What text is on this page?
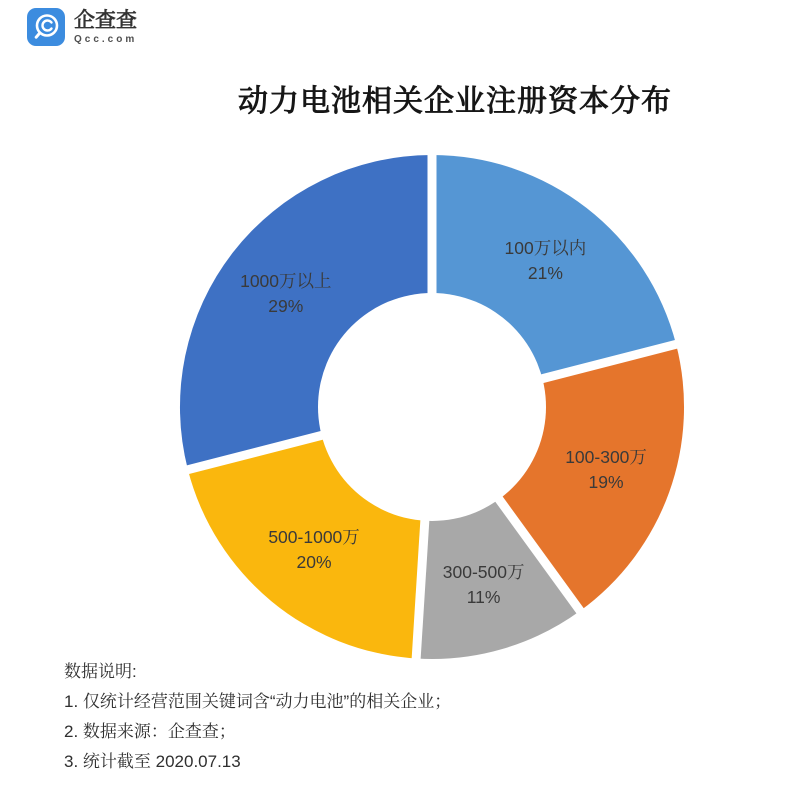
企查查
Qcc.com
动力电池相关企业注册资本分布
100万以内
21%
100-300万
19%
300-500万
11%
500-1000万
20%
1000万以上
29%
数据说明:
1. 仅统计经营范围关键词含“动力电池”的相关企业；
2. 数据来源：企查查；
3. 统计截至 2020.07.13
